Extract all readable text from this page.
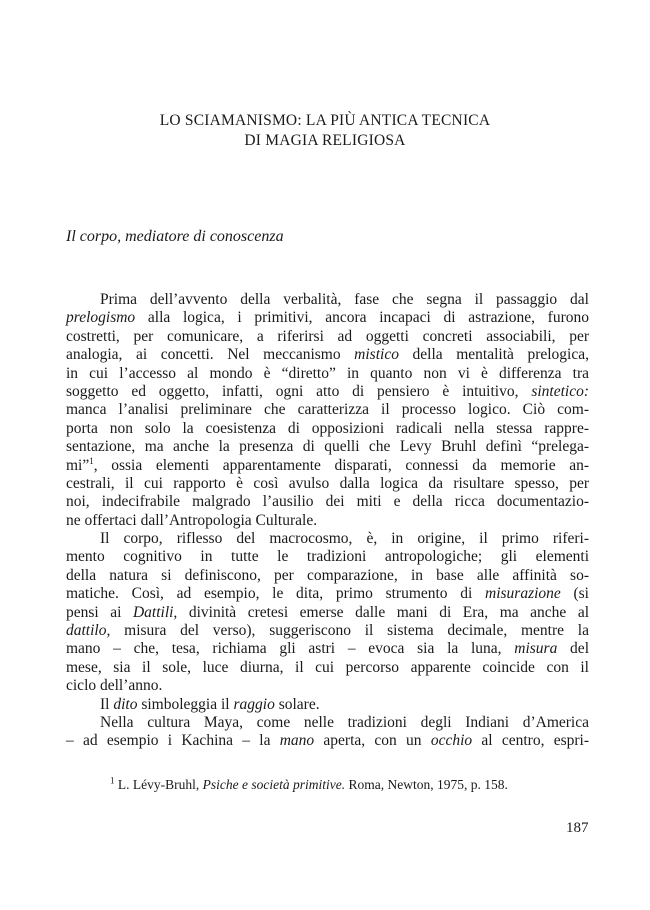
LO SCIAMANISMO: LA PIÙ ANTICA TECNICA
DI MAGIA RELIGIOSA
Il corpo, mediatore di conoscenza
Prima dell’avvento della verbalità, fase che segna il passaggio dal
prelogismo alla logica, i primitivi, ancora incapaci di astrazione, furono
costretti, per comunicare, a riferirsi ad oggetti concreti associabili, per
analogia, ai concetti. Nel meccanismo mistico della mentalità prelogica,
in cui l’accesso al mondo è “diretto” in quanto non vi è differenza tra
soggetto ed oggetto, infatti, ogni atto di pensiero è intuitivo, sintetico:
manca l’analisi preliminare che caratterizza il processo logico. Ciò com-
porta non solo la coesistenza di opposizioni radicali nella stessa rappre-
sentazione, ma anche la presenza di quelli che Levy Bruhl definì “prelega-
mi”$^1$, ossia elementi apparentamente disparati, connessi da memorie an-
cestrali, il cui rapporto è così avulso dalla logica da risultare spesso, per
noi, indecifrabile malgrado l’ausilio dei miti e della ricca documentazio-
ne offertaci dall’Antropologia Culturale.
Il corpo, riflesso del macrocosmo, è, in origine, il primo riferi-
mento cognitivo in tutte le tradizioni antropologiche; gli elementi
della natura si definiscono, per comparazione, in base alle affinità so-
matiche. Così, ad esempio, le dita, primo strumento di misurazione (si
pensi ai Dattili, divinità cretesi emerse dalle mani di Era, ma anche al
dattilo, misura del verso), suggeriscono il sistema decimale, mentre la
mano – che, tesa, richiama gli astri – evoca sia la luna, misura del
mese, sia il sole, luce diurna, il cui percorso apparente coincide con il
ciclo dell’anno.
Il dito simboleggia il raggio solare.
Nella cultura Maya, come nelle tradizioni degli Indiani d’America
– ad esempio i Kachina – la mano aperta, con un occhio al centro, espri-
$^1$ L. Lévy-Bruhl, Psiche e società primitive. Roma, Newton, 1975, p. 158.
187
